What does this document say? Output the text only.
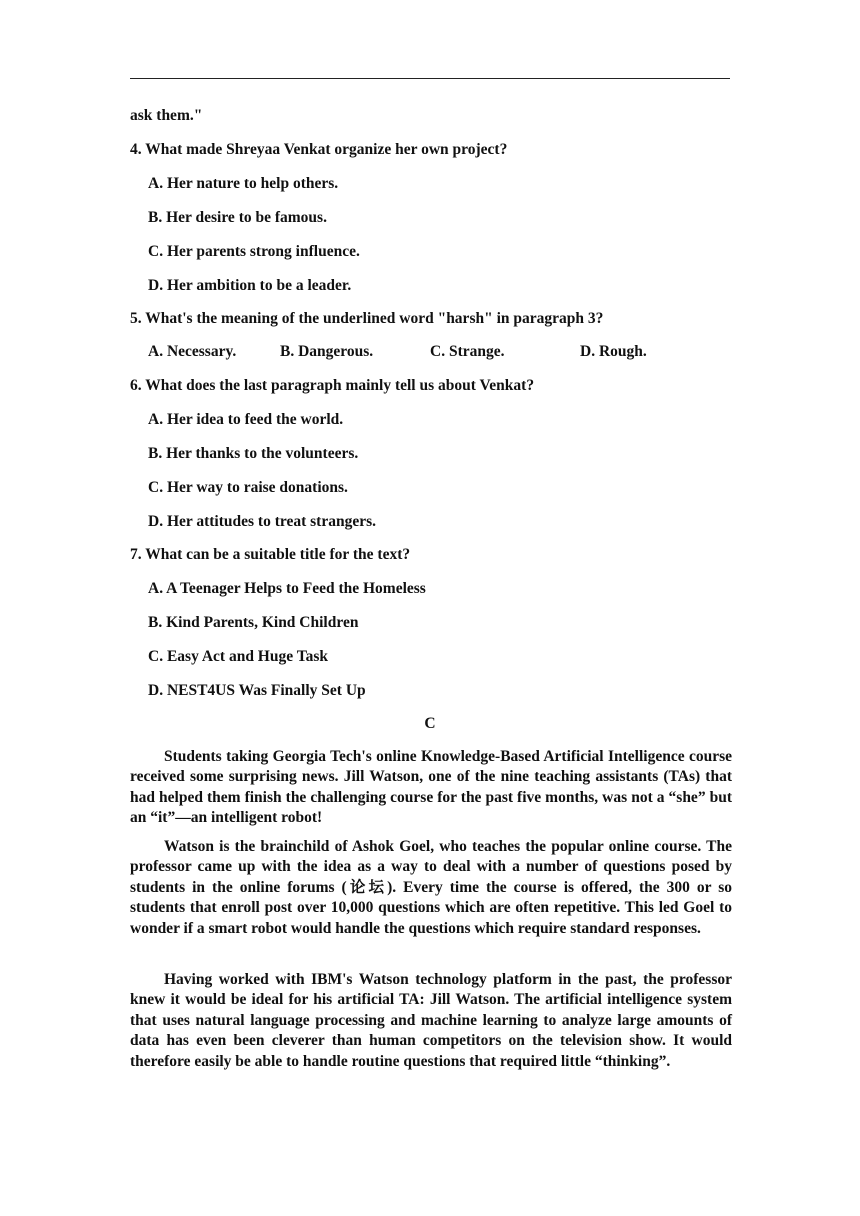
ask them."
4. What made Shreyaa Venkat organize her own project?
A. Her nature to help others.
B. Her desire to be famous.
C. Her parents strong influence.
D. Her ambition to be a leader.
5. What's the meaning of the underlined word "harsh" in paragraph 3?
A. Necessary.	B. Dangerous.	C. Strange.	D. Rough.
6. What does the last paragraph mainly tell us about Venkat?
A. Her idea to feed the world.
B. Her thanks to the volunteers.
C. Her way to raise donations.
D. Her attitudes to treat strangers.
7. What can be a suitable title for the text?
A. A Teenager Helps to Feed the Homeless
B. Kind Parents, Kind Children
C. Easy Act and Huge Task
D. NEST4US Was Finally Set Up
C

Students taking Georgia Tech's online Knowledge-Based Artificial Intelligence course received some surprising news. Jill Watson, one of the nine teaching assistants (TAs) that had helped them finish the challenging course for the past five months, was not a “she” but an “it”—an intelligent robot!

Watson is the brainchild of Ashok Goel, who teaches the popular online course. The professor came up with the idea as a way to deal with a number of questions posed by students in the online forums (论坛). Every time the course is offered, the 300 or so students that enroll post over 10,000 questions which are often repetitive. This led Goel to wonder if a smart robot would handle the questions which require standard responses.

Having worked with IBM's Watson technology platform in the past, the professor knew it would be ideal for his artificial TA: Jill Watson. The artificial intelligence system that uses natural language processing and machine learning to analyze large amounts of data has even been cleverer than human competitors on the television show. It would therefore easily be able to handle routine questions that required little “thinking”.
